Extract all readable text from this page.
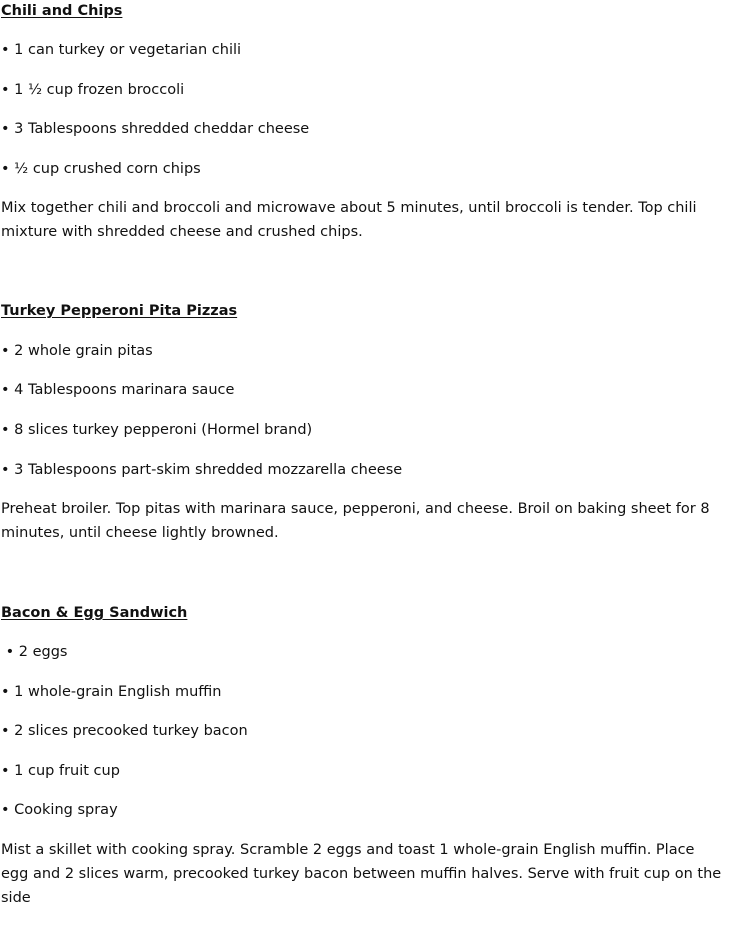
Chili and Chips
• 1 can turkey or vegetarian chili
• 1 ½ cup frozen broccoli
• 3 Tablespoons shredded cheddar cheese
• ½ cup crushed corn chips
Mix together chili and broccoli and microwave about 5 minutes, until broccoli is tender. Top chili mixture with shredded cheese and crushed chips.
Turkey Pepperoni Pita Pizzas
• 2 whole grain pitas
• 4 Tablespoons marinara sauce
• 8 slices turkey pepperoni (Hormel brand)
• 3 Tablespoons part-skim shredded mozzarella cheese
Preheat broiler. Top pitas with marinara sauce, pepperoni, and cheese. Broil on baking sheet for 8 minutes, until cheese lightly browned.
Bacon & Egg Sandwich
• 2 eggs
• 1 whole-grain English muffin
• 2 slices precooked turkey bacon
• 1 cup fruit cup
• Cooking spray
Mist a skillet with cooking spray. Scramble 2 eggs and toast 1 whole-grain English muffin. Place egg and 2 slices warm, precooked turkey bacon between muffin halves. Serve with fruit cup on the side
